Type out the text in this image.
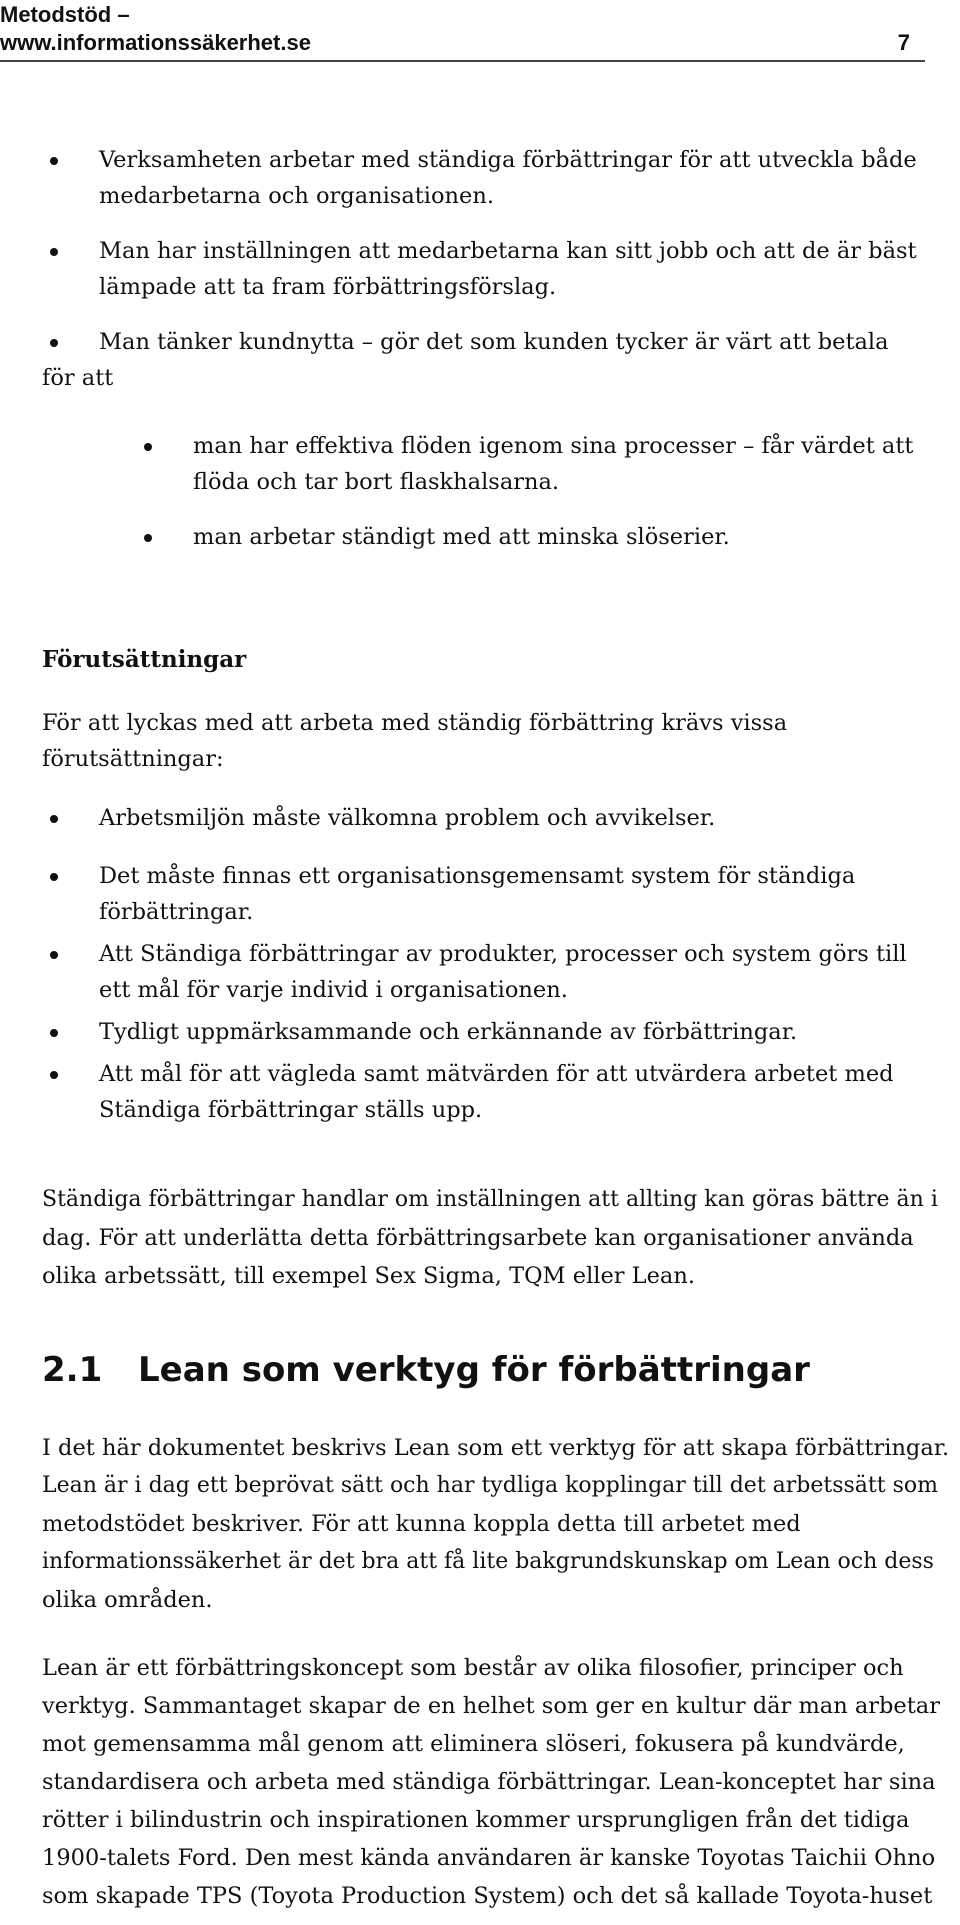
Metodstöd –
www.informationssäkerhet.se	7
Verksamheten arbetar med ständiga förbättringar för att utveckla både
medarbetarna och organisationen.
Man har inställningen att medarbetarna kan sitt jobb och att de är bäst
lämpade att ta fram förbättringsförslag.
Man tänker kundnytta – gör det som kunden tycker är värt att betala
för att
man har effektiva flöden igenom sina processer – får värdet att
flöda och tar bort flaskhalsarna.
man arbetar ständigt med att minska slöserier.
Förutsättningar
För att lyckas med att arbeta med ständig förbättring krävs vissa
förutsättningar:
Arbetsmiljön måste välkomna problem och avvikelser.
Det måste finnas ett organisationsgemensamt system för ständiga
förbättringar.
Att Ständiga förbättringar av produkter, processer och system görs till
ett mål för varje individ i organisationen.
Tydligt uppmärksammande och erkännande av förbättringar.
Att mål för att vägleda samt mätvärden för att utvärdera arbetet med
Ständiga förbättringar ställs upp.
Ständiga förbättringar handlar om inställningen att allting kan göras bättre än i
dag. För att underlätta detta förbättringsarbete kan organisationer använda
olika arbetssätt, till exempel Sex Sigma, TQM eller Lean.
2.1 Lean som verktyg för förbättringar
I det här dokumentet beskrivs Lean som ett verktyg för att skapa förbättringar.
Lean är i dag ett beprövat sätt och har tydliga kopplingar till det arbetssätt som
metodstödet beskriver. För att kunna koppla detta till arbetet med
informationssäkerhet är det bra att få lite bakgrundskunskap om Lean och dess
olika områden.
Lean är ett förbättringskoncept som består av olika filosofier, principer och
verktyg. Sammantaget skapar de en helhet som ger en kultur där man arbetar
mot gemensamma mål genom att eliminera slöseri, fokusera på kundvärde,
standardisera och arbeta med ständiga förbättringar. Lean-konceptet har sina
rötter i bilindustrin och inspirationen kommer ursprungligen från det tidiga
1900-talets Ford. Den mest kända användaren är kanske Toyotas Taichii Ohno
som skapade TPS (Toyota Production System) och det så kallade Toyota-huset
